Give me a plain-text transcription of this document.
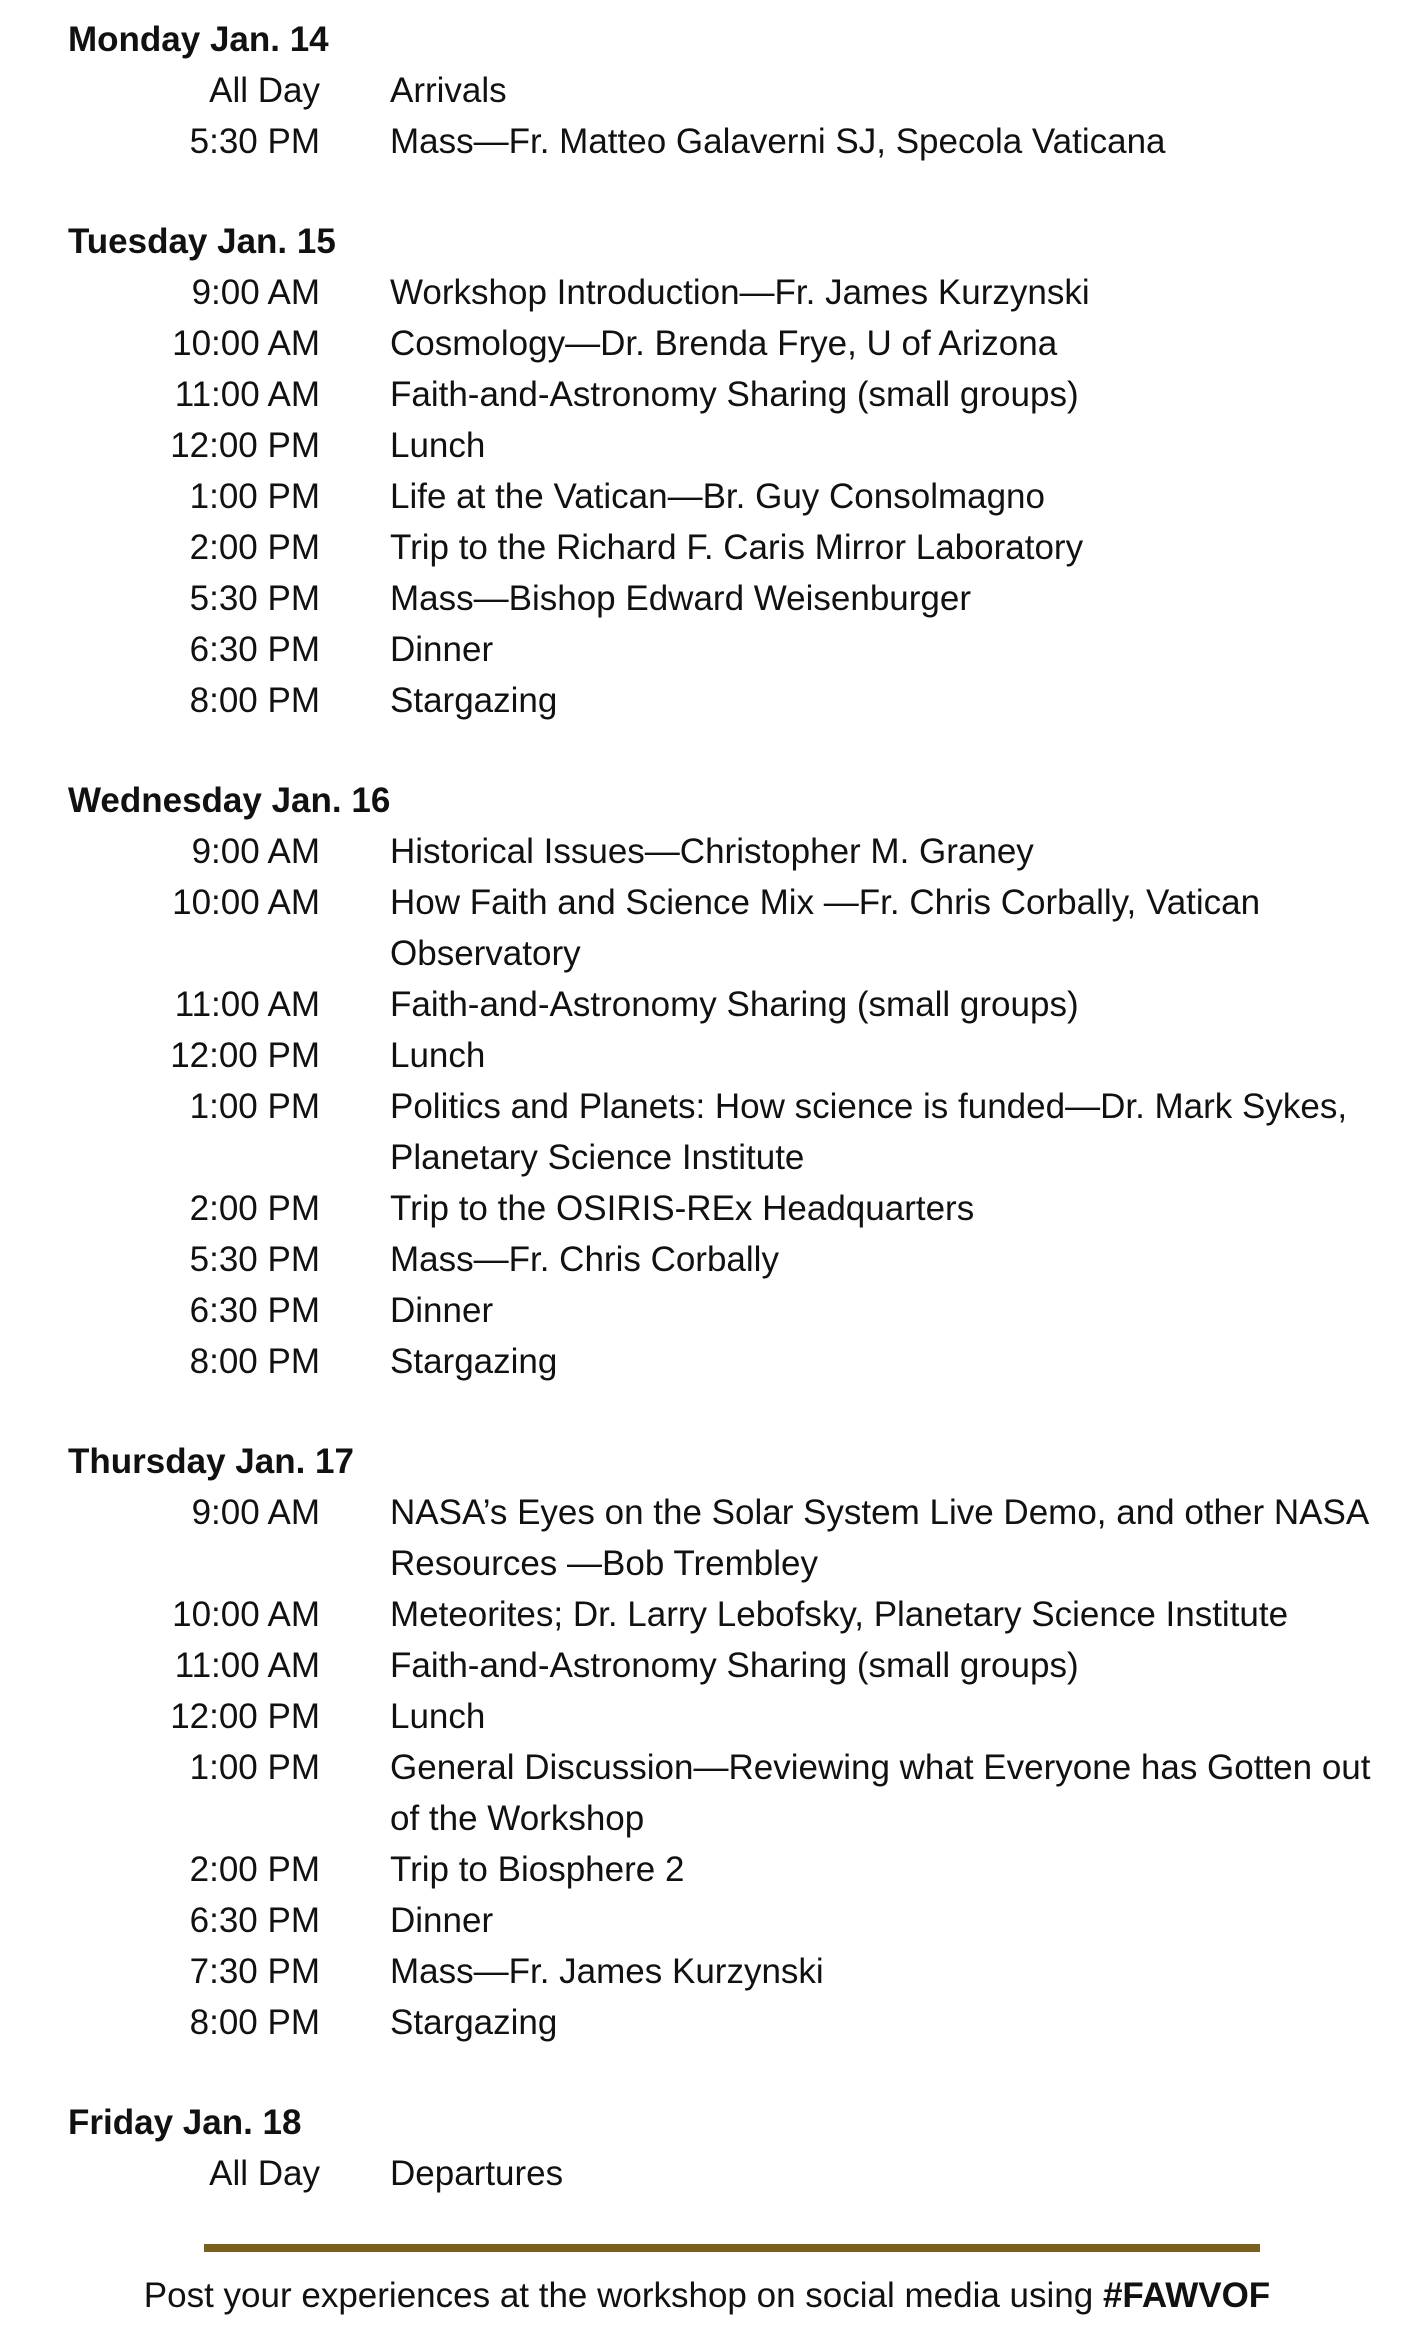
Monday Jan. 14
All Day Arrivals
5:30 PM Mass—Fr. Matteo Galaverni SJ, Specola Vaticana
Tuesday Jan. 15
9:00 AM Workshop Introduction—Fr. James Kurzynski
10:00 AM Cosmology—Dr. Brenda Frye, U of Arizona
11:00 AM Faith-and-Astronomy Sharing (small groups)
12:00 PM Lunch
1:00 PM Life at the Vatican—Br. Guy Consolmagno
2:00 PM Trip to the Richard F. Caris Mirror Laboratory
5:30 PM Mass—Bishop Edward Weisenburger
6:30 PM Dinner
8:00 PM Stargazing
Wednesday Jan. 16
9:00 AM Historical Issues—Christopher M. Graney
10:00 AM How Faith and Science Mix —Fr. Chris Corbally, Vatican Observatory
11:00 AM Faith-and-Astronomy Sharing (small groups)
12:00 PM Lunch
1:00 PM Politics and Planets: How science is funded—Dr. Mark Sykes, Planetary Science Institute
2:00 PM Trip to the OSIRIS-REx Headquarters
5:30 PM Mass—Fr. Chris Corbally
6:30 PM Dinner
8:00 PM Stargazing
Thursday Jan. 17
9:00 AM NASA’s Eyes on the Solar System Live Demo, and other NASA Resources —Bob Trembley
10:00 AM Meteorites; Dr. Larry Lebofsky, Planetary Science Institute
11:00 AM Faith-and-Astronomy Sharing (small groups)
12:00 PM Lunch
1:00 PM General Discussion—Reviewing what Everyone has Gotten out of the Workshop
2:00 PM Trip to Biosphere 2
6:30 PM Dinner
7:30 PM Mass—Fr. James Kurzynski
8:00 PM Stargazing
Friday Jan. 18
All Day Departures
Post your experiences at the workshop on social media using #FAWVOF
